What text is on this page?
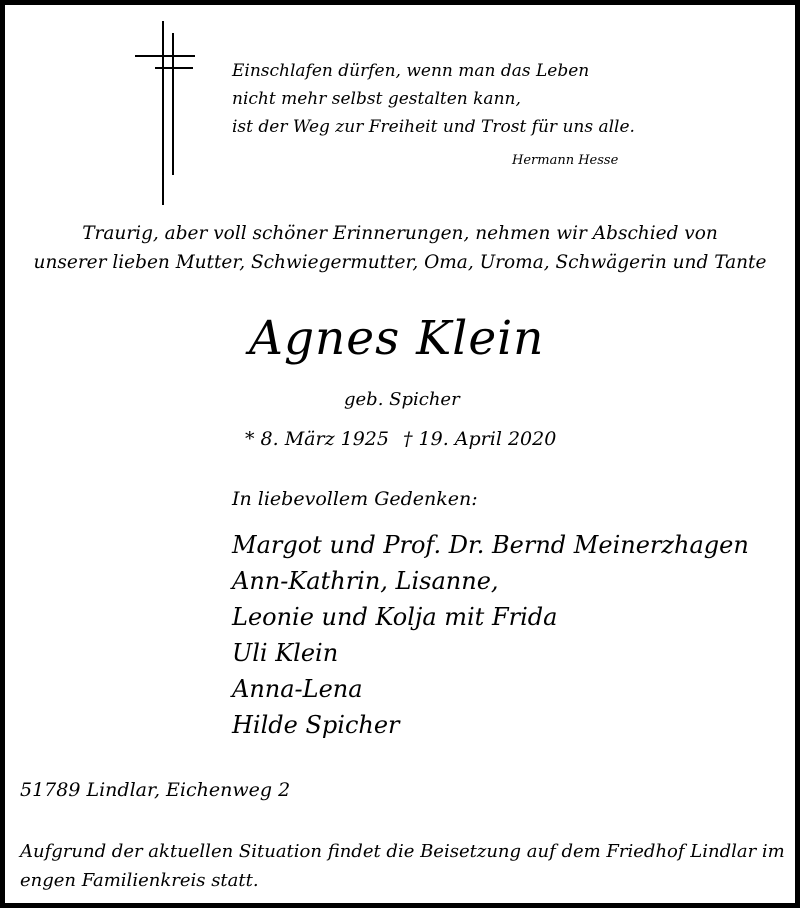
Einschlafen dürfen, wenn man das Leben
nicht mehr selbst gestalten kann,
ist der Weg zur Freiheit und Trost für uns alle.
Hermann Hesse
Traurig, aber voll schöner Erinnerungen, nehmen wir Abschied von
unserer lieben Mutter, Schwiegermutter, Oma, Uroma, Schwägerin und Tante
Agnes Klein
geb. Spicher
* 8. März 1925 † 19. April 2020
In liebevollem Gedenken:
Margot und Prof. Dr. Bernd Meinerzhagen
Ann-Kathrin, Lisanne,
Leonie und Kolja mit Frida
Uli Klein
Anna-Lena
Hilde Spicher
51789 Lindlar, Eichenweg 2
Aufgrund der aktuellen Situation findet die Beisetzung auf dem Friedhof Lindlar im
engen Familienkreis statt.
